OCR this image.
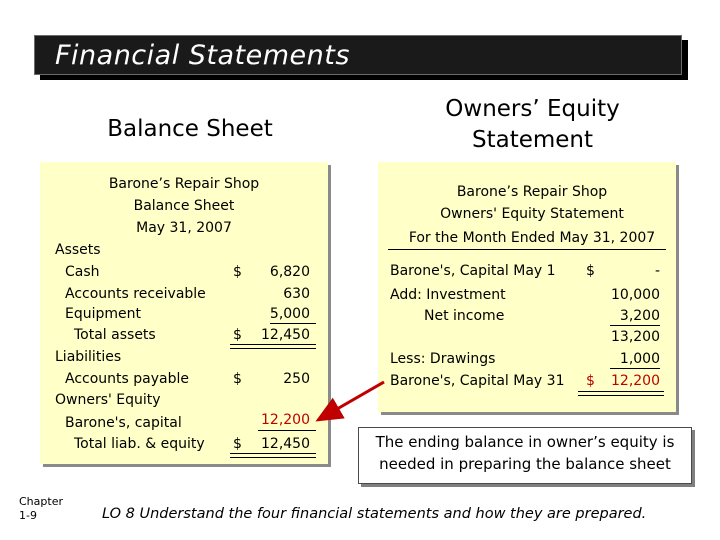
Financial Statements
Balance Sheet
Owners’ Equity Statement
Barone’s Repair Shop
Balance Sheet
May 31, 2007
Assets
Cash	$	6,820
Accounts receivable	630
Equipment	5,000
Total assets	$	12,450
Liabilities
Accounts payable	$	250
Owners' Equity
Barone's, capital	12,200
Total liab. & equity $	12,450
Barone’s Repair Shop
Owners' Equity Statement
For the Month Ended May 31, 2007
Barone's, Capital May 1 $	-
Add: Investment	10,000
Net income	3,200
13,200
Less: Drawings	1,000
Barone's, Capital May 31 $	12,200
The ending balance in owner’s equity is needed in preparing the balance sheet
Chapter
1-9	LO 8 Understand the four financial statements and how they are prepared.
